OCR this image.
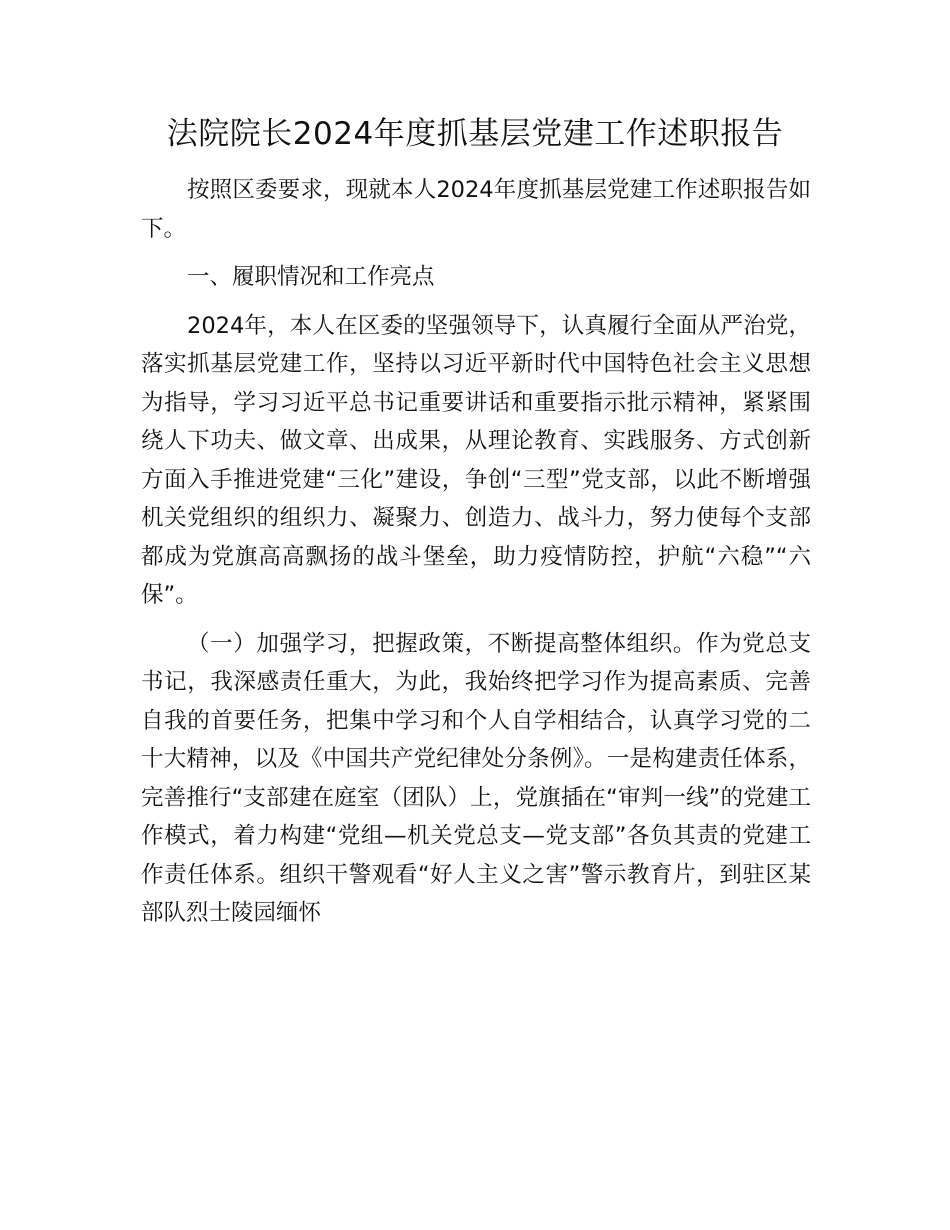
法院院长2024年度抓基层党建工作述职报告

按照区委要求，现就本人2024年度抓基层党建工作述职报告如下。

一、履职情况和工作亮点

2024年，本人在区委的坚强领导下，认真履行全面从严治党，落实抓基层党建工作，坚持以习近平新时代中国特色社会主义思想为指导，学习习近平总书记重要讲话和重要指示批示精神，紧紧围绕人下功夫、做文章、出成果，从理论教育、实践服务、方式创新方面入手推进党建“三化”建设，争创“三型”党支部，以此不断增强机关党组织的组织力、凝聚力、创造力、战斗力，努力使每个支部都成为党旗高高飘扬的战斗堡垒，助力疫情防控，护航“六稳”“六保”。

（一）加强学习，把握政策，不断提高整体组织。作为党总支书记，我深感责任重大，为此，我始终把学习作为提高素质、完善自我的首要任务，把集中学习和个人自学相结合，认真学习党的二十大精神，以及《中国共产党纪律处分条例》。一是构建责任体系，完善推行“支部建在庭室（团队）上，党旗插在“审判一线”的党建工作模式，着力构建“党组—机关党总支—党支部”各负其责的党建工作责任体系。组织干警观看“好人主义之害”警示教育片，到驻区某部队烈士陵园缅怀
